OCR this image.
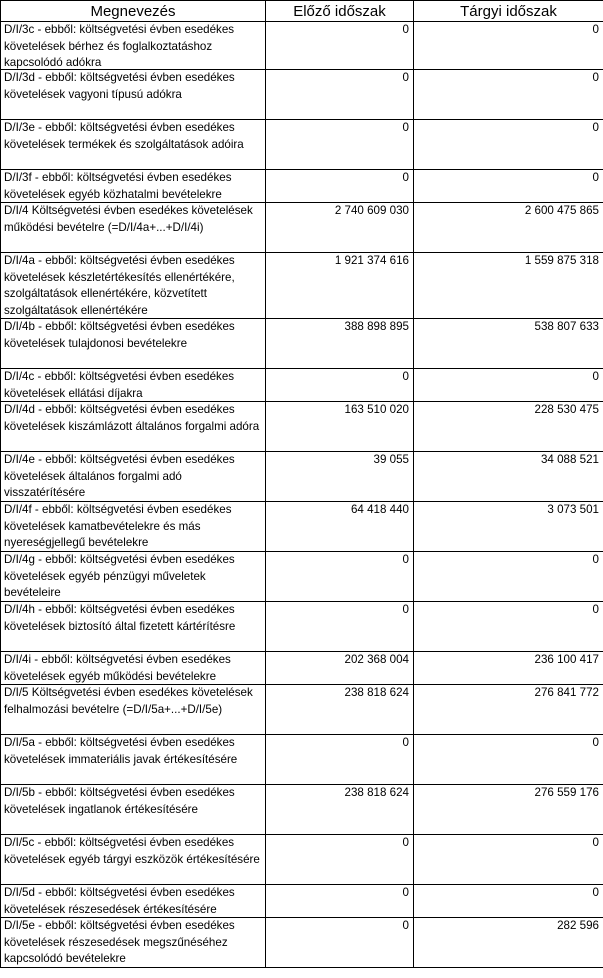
Megnevezés	Előző időszak	Tárgyi időszak

D/I/3c - ebből: költségvetési évben esedékes követelések bérhez és foglalkoztatáshoz kapcsolódó adókra	0	0

D/I/3d - ebből: költségvetési évben esedékes követelések vagyoni típusú adókra	0	0

D/I/3e - ebből: költségvetési évben esedékes követelések termékek és szolgáltatások adóira	0	0

D/I/3f - ebből: költségvetési évben esedékes követelések egyéb közhatalmi bevételekre	0	0

D/I/4 Költségvetési évben esedékes követelések működési bevételre (=D/I/4a+...+D/I/4i)	2 740 609 030	2 600 475 865

D/I/4a - ebből: költségvetési évben esedékes követelések készletértékesítés ellenértékére, szolgáltatások ellenértékére, közvetített szolgáltatások ellenértékére	1 921 374 616	1 559 875 318

D/I/4b - ebből: költségvetési évben esedékes követelések tulajdonosi bevételekre	388 898 895	538 807 633

D/I/4c - ebből: költségvetési évben esedékes követelések ellátási díjakra	0	0

D/I/4d - ebből: költségvetési évben esedékes követelések kiszámlázott általános forgalmi adóra	163 510 020	228 530 475

D/I/4e - ebből: költségvetési évben esedékes követelések általános forgalmi adó visszatérítésére	39 055	34 088 521

D/I/4f - ebből: költségvetési évben esedékes követelések kamatbevételekre és más nyereségjellegű bevételekre	64 418 440	3 073 501

D/I/4g - ebből: költségvetési évben esedékes követelések egyéb pénzügyi műveletek bevételeire	0	0

D/I/4h - ebből: költségvetési évben esedékes követelések biztosító által fizetett kártérítésre	0	0

D/I/4i - ebből: költségvetési évben esedékes követelések egyéb működési bevételekre	202 368 004	236 100 417

D/I/5 Költségvetési évben esedékes követelések felhalmozási bevételre (=D/I/5a+...+D/I/5e)	238 818 624	276 841 772

D/I/5a - ebből: költségvetési évben esedékes követelések immateriális javak értékesítésére	0	0

D/I/5b - ebből: költségvetési évben esedékes követelések ingatlanok értékesítésére	238 818 624	276 559 176

D/I/5c - ebből: költségvetési évben esedékes követelések egyéb tárgyi eszközök értékesítésére	0	0

D/I/5d - ebből: költségvetési évben esedékes követelések részesedések értékesítésére	0	0

D/I/5e - ebből: költségvetési évben esedékes követelések részesedések megszűnéséhez kapcsolódó bevételekre	0	282 596
